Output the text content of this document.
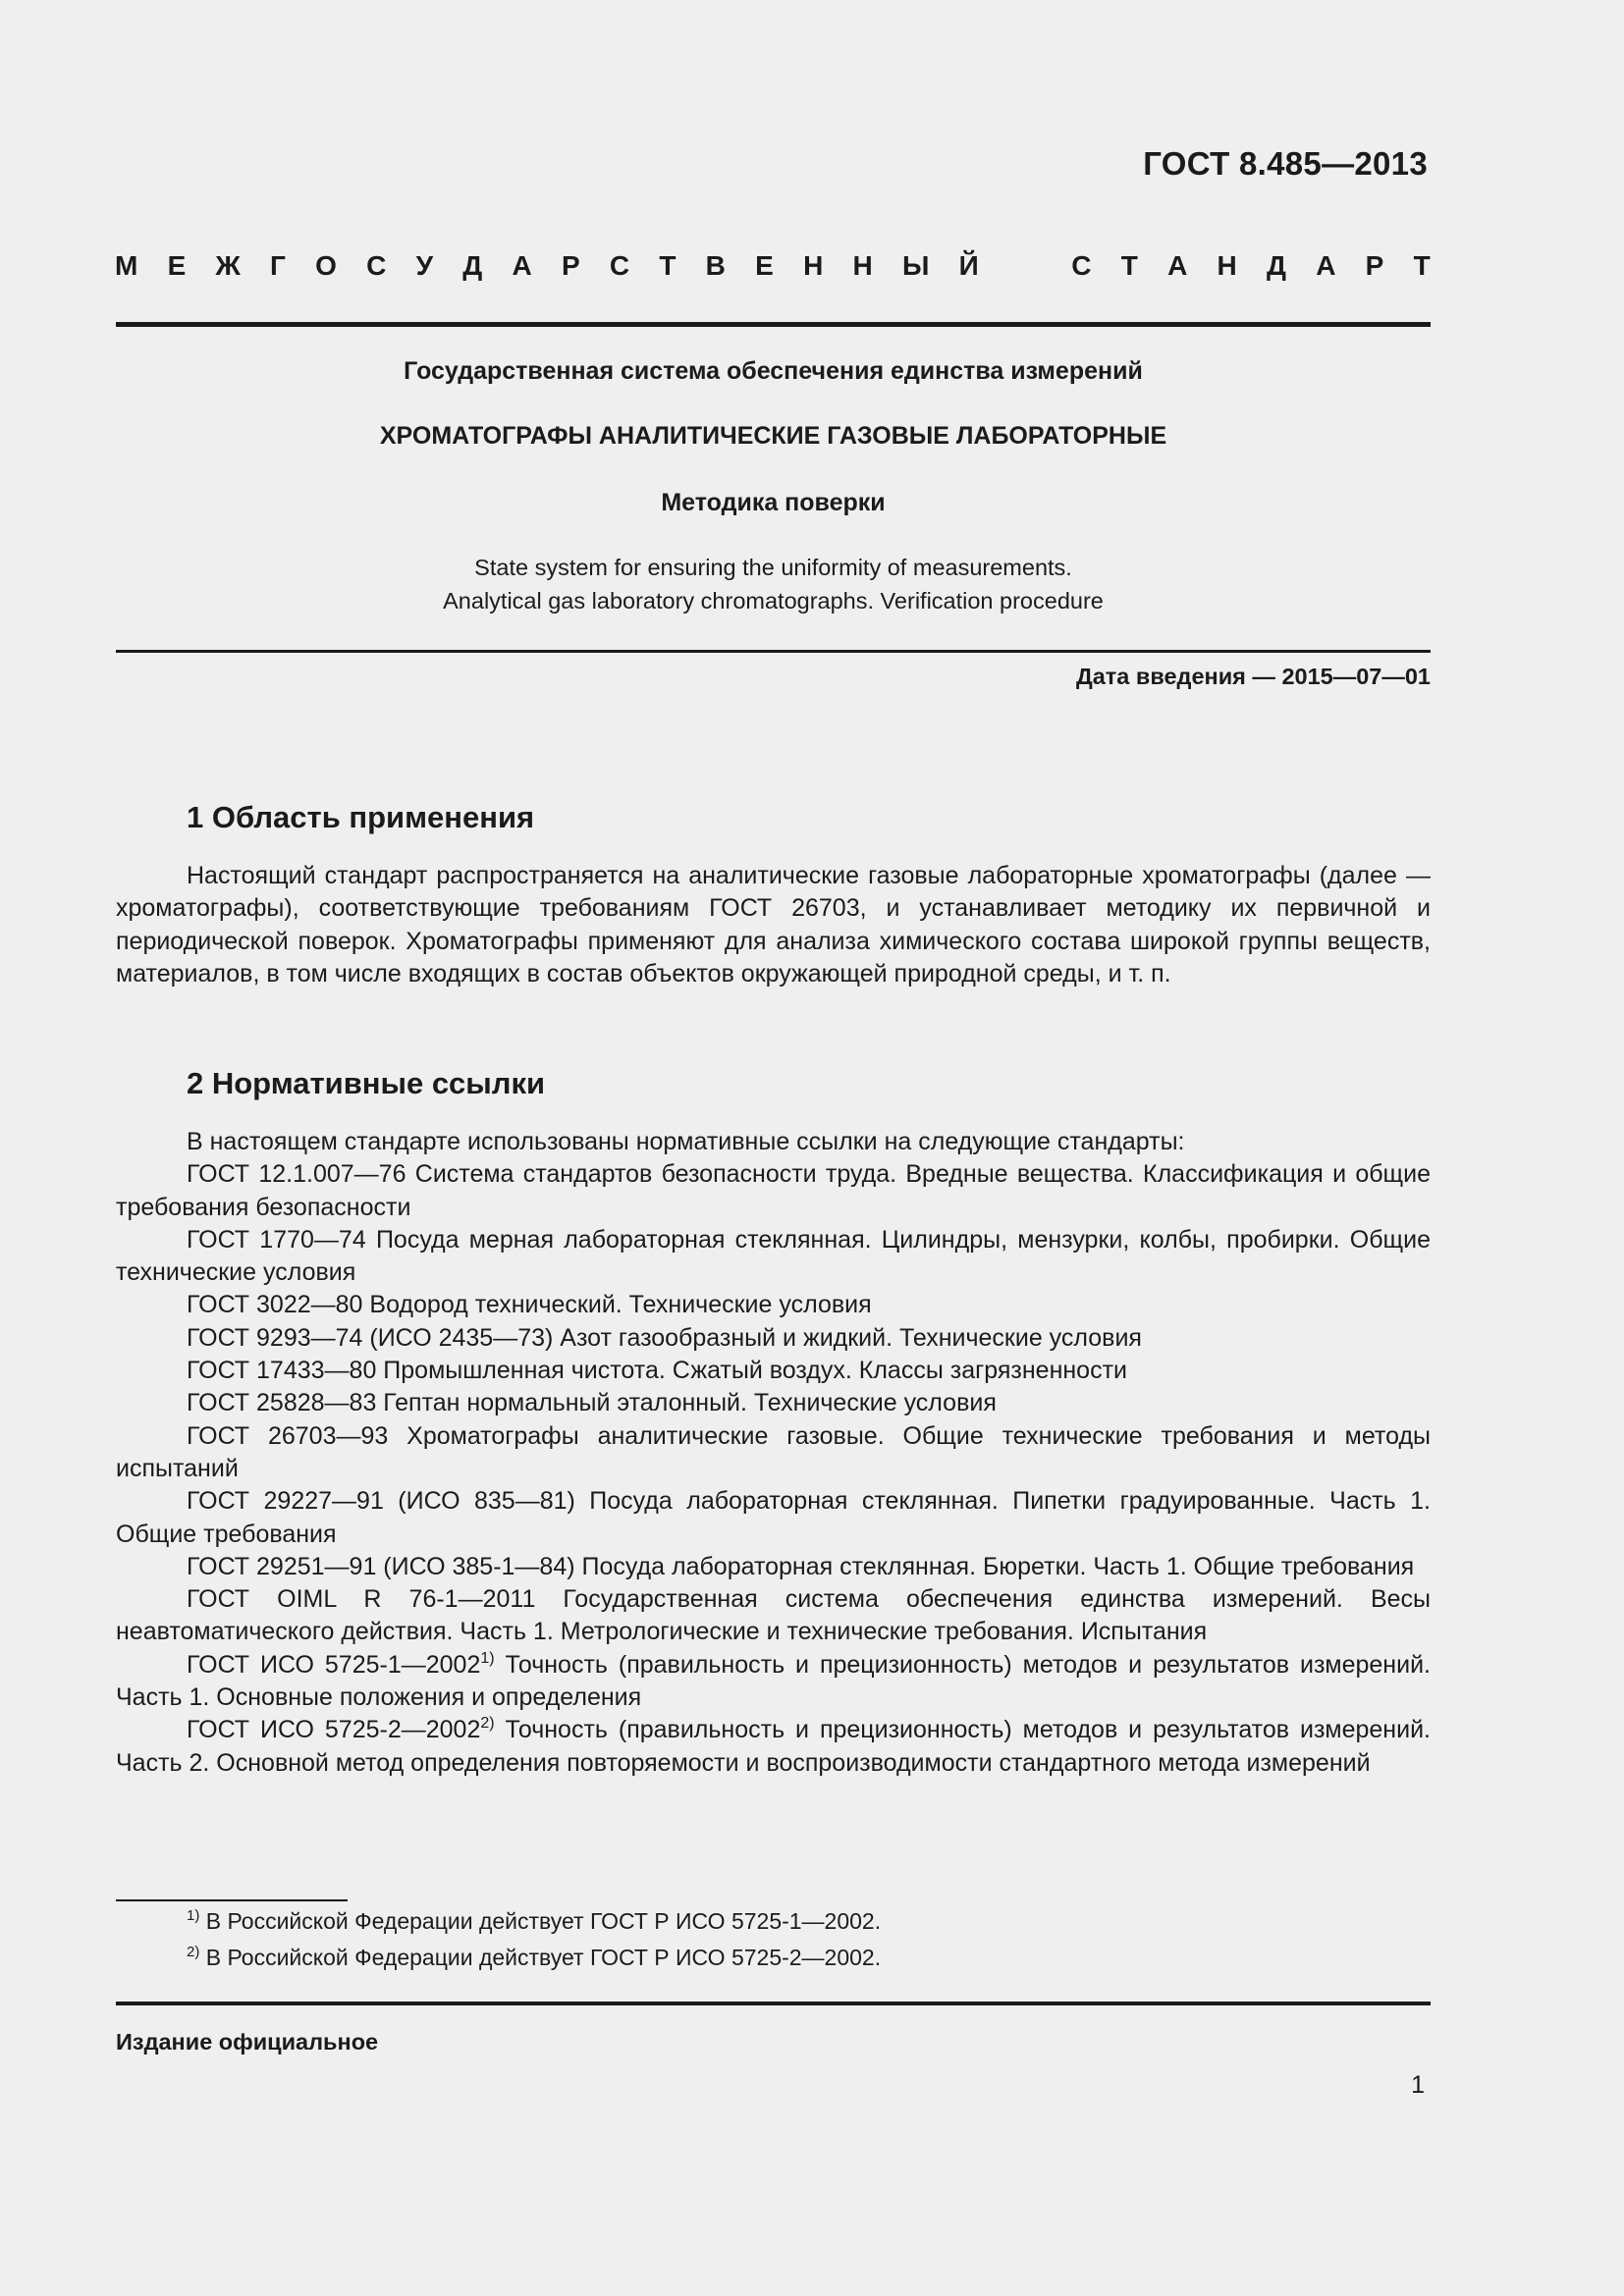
ГОСТ 8.485—2013
М Е Ж Г О С У Д А Р С Т В Е Н Н Ы Й	С Т А Н Д А Р Т
Государственная система обеспечения единства измерений
ХРОМАТОГРАФЫ АНАЛИТИЧЕСКИЕ ГАЗОВЫЕ ЛАБОРАТОРНЫЕ
Методика поверки
State system for ensuring the uniformity of measurements.
Analytical gas laboratory chromatographs. Verification procedure
Дата введения — 2015—07—01
1 Область применения

Настоящий стандарт распространяется на аналитические газовые лабораторные хроматографы (далее — хроматографы), соответствующие требованиям ГОСТ 26703, и устанавливает методику их первичной и периодической поверок. Хроматографы применяют для анализа химического состава широкой группы веществ, материалов, в том числе входящих в состав объектов окружающей природной среды, и т. п.

2 Нормативные ссылки

В настоящем стандарте использованы нормативные ссылки на следующие стандарты:

ГОСТ 12.1.007—76 Система стандартов безопасности труда. Вредные вещества. Классификация и общие требования безопасности

ГОСТ 1770—74 Посуда мерная лабораторная стеклянная. Цилиндры, мензурки, колбы, пробирки. Общие технические условия

ГОСТ 3022—80 Водород технический. Технические условия

ГОСТ 9293—74 (ИСО 2435—73) Азот газообразный и жидкий. Технические условия

ГОСТ 17433—80 Промышленная чистота. Сжатый воздух. Классы загрязненности

ГОСТ 25828—83 Гептан нормальный эталонный. Технические условия

ГОСТ 26703—93 Хроматографы аналитические газовые. Общие технические требования и методы испытаний

ГОСТ 29227—91 (ИСО 835—81) Посуда лабораторная стеклянная. Пипетки градуированные. Часть 1. Общие требования

ГОСТ 29251—91 (ИСО 385-1—84) Посуда лабораторная стеклянная. Бюретки. Часть 1. Общие требования

ГОСТ OIML R 76-1—2011 Государственная система обеспечения единства измерений. Весы неавтоматического действия. Часть 1. Метрологические и технические требования. Испытания

ГОСТ ИСО 5725-1—2002$^{1)}$ Точность (правильность и прецизионность) методов и результатов измерений. Часть 1. Основные положения и определения

ГОСТ ИСО 5725-2—2002$^{2)}$ Точность (правильность и прецизионность) методов и результатов измерений. Часть 2. Основной метод определения повторяемости и воспроизводимости стандартного метода измерений

$^{1)}$ В Российской Федерации действует ГОСТ Р ИСО 5725-1—2002.
$^{2)}$ В Российской Федерации действует ГОСТ Р ИСО 5725-2—2002.
Издание официальное
1
